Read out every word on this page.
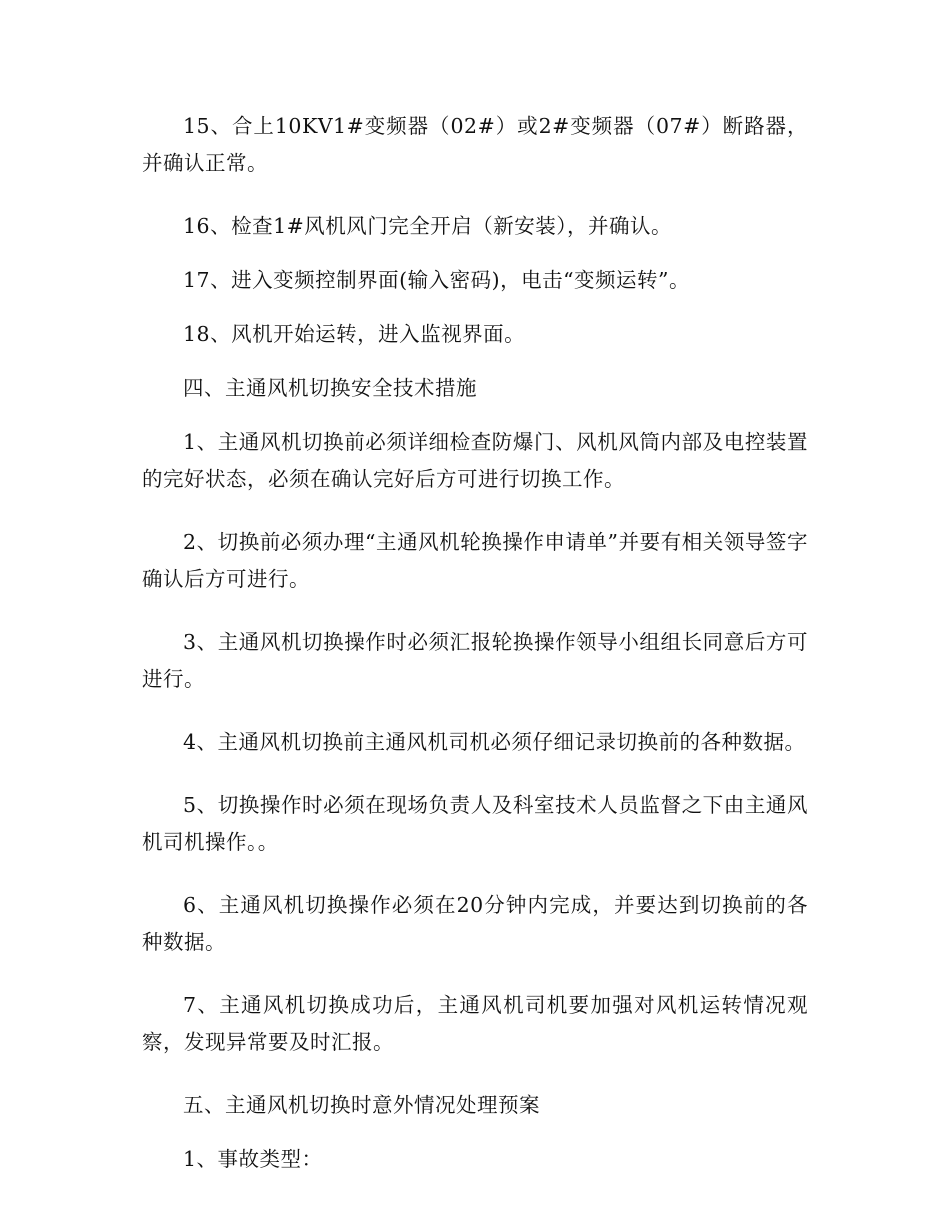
15、合上10KV1#变频器（02#）或2#变频器（07#）断路器，并确认正常。

16、检查1#风机风门完全开启（新安装），并确认。

17、进入变频控制界面(输入密码)，电击“变频运转”。

18、风机开始运转，进入监视界面。

四、主通风机切换安全技术措施

1、主通风机切换前必须详细检查防爆门、风机风筒内部及电控装置的完好状态，必须在确认完好后方可进行切换工作。

2、切换前必须办理“主通风机轮换操作申请单”并要有相关领导签字确认后方可进行。

3、主通风机切换操作时必须汇报轮换操作领导小组组长同意后方可进行。

4、主通风机切换前主通风机司机必须仔细记录切换前的各种数据。

5、切换操作时必须在现场负责人及科室技术人员监督之下由主通风机司机操作。。

6、主通风机切换操作必须在20分钟内完成，并要达到切换前的各种数据。

7、主通风机切换成功后，主通风机司机要加强对风机运转情况观察，发现异常要及时汇报。

五、主通风机切换时意外情况处理预案

1、事故类型：
